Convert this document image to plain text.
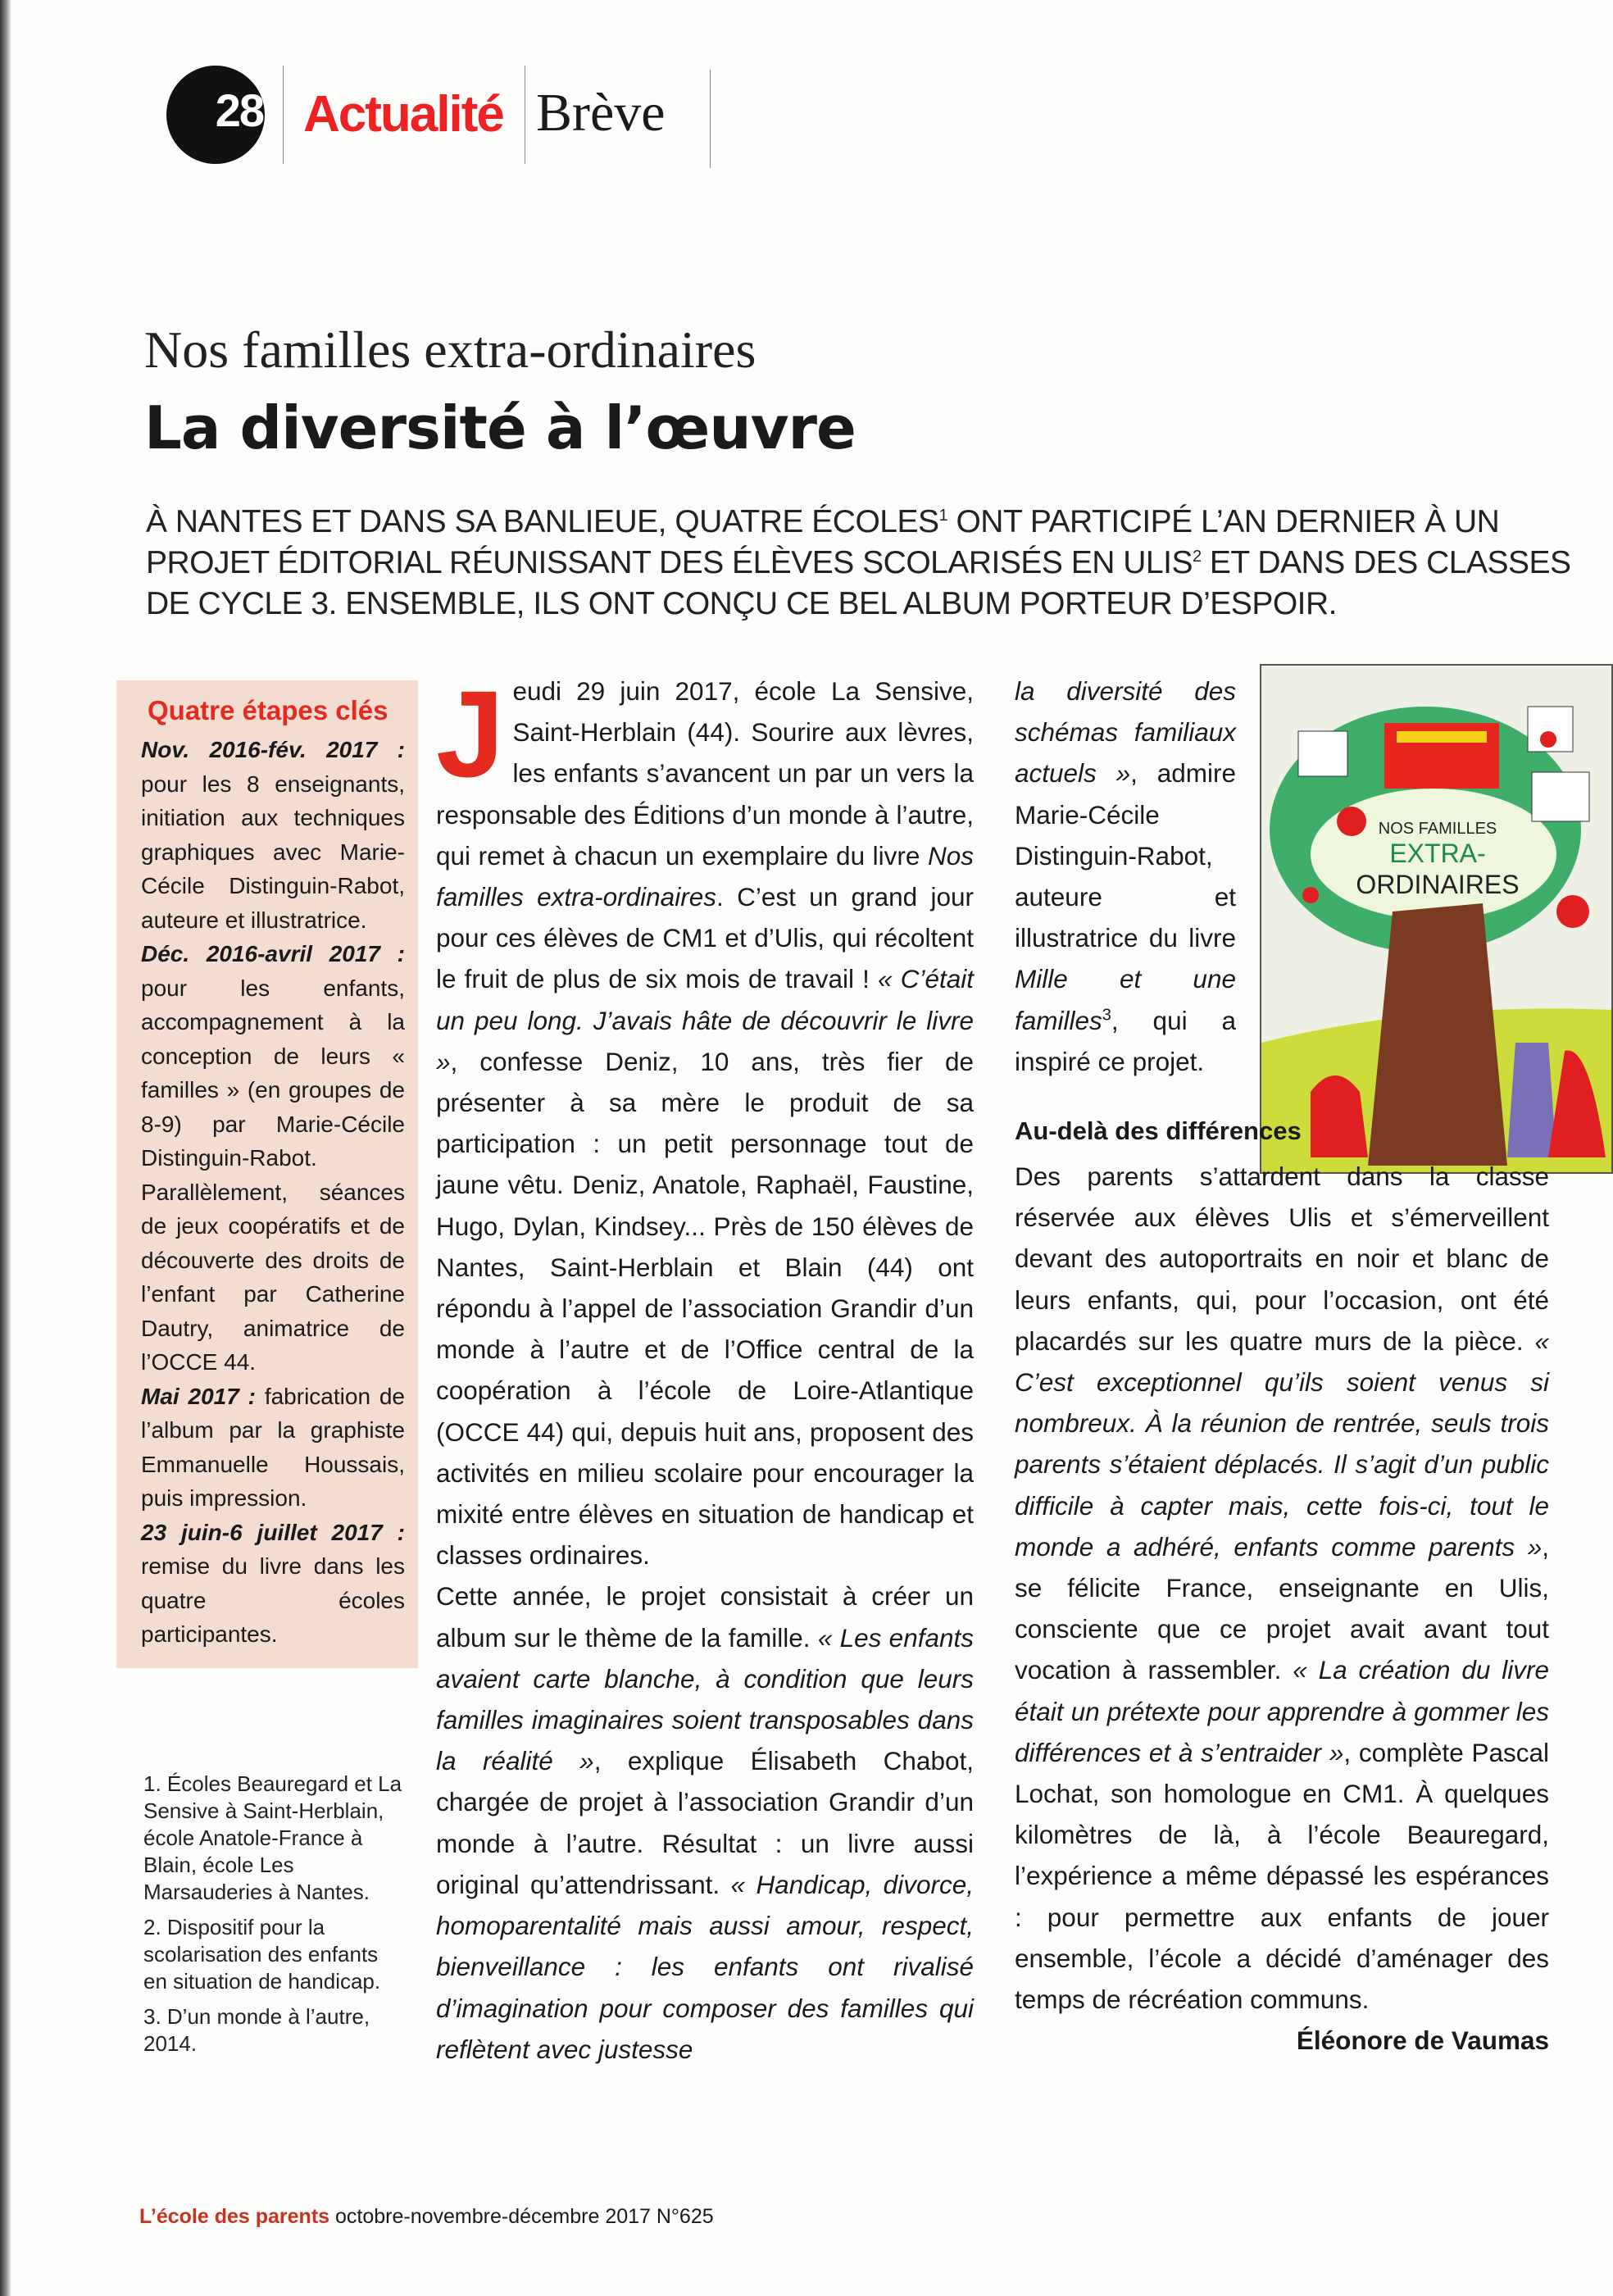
28 Actualité Brève
Nos familles extra-ordinaires
La diversité à l’œuvre
À NANTES ET DANS SA BANLIEUE, QUATRE ÉCOLES$^1$ ONT PARTICIPÉ L’AN DERNIER À UN PROJET ÉDITORIAL RÉUNISSANT DES ÉLÈVES SCOLARISÉS EN ULIS$^2$ ET DANS DES CLASSES DE CYCLE 3. ENSEMBLE, ILS ONT CONÇU CE BEL ALBUM PORTEUR D’ESPOIR.
Quatre étapes clés

Nov. 2016-fév. 2017 : pour les 8 enseignants, initiation aux techniques graphiques avec Marie-Cécile Distinguin-Rabot, auteure et illustratrice.
Déc. 2016-avril 2017 : pour les enfants, accompagnement à la conception de leurs « familles » (en groupes de 8-9) par Marie-Cécile Distinguin-Rabot. Parallèlement, séances de jeux coopératifs et de découverte des droits de l’enfant par Catherine Dautry, animatrice de l’OCCE 44.
Mai 2017 : fabrication de l’album par la graphiste Emmanuelle Houssais, puis impression.
23 juin-6 juillet 2017 : remise du livre dans les quatre écoles participantes.

1. Écoles Beauregard et La Sensive à Saint-Herblain, école Anatole-France à Blain, école Les Marsauderies à Nantes.

2. Dispositif pour la scolarisation des enfants en situation de handicap.

3. D’un monde à l’autre, 2014.

J eudi 29 juin 2017, école La Sensive, Saint-Herblain (44). Sourire aux lèvres, les enfants s’avancent un par un vers la responsable des Éditions d’un monde à l’autre, qui remet à chacun un exemplaire du livre Nos familles extra-ordinaires. C’est un grand jour pour ces élèves de CM1 et d’Ulis, qui récoltent le fruit de plus de six mois de travail ! « C’était un peu long. J’avais hâte de découvrir le livre », confesse Deniz, 10 ans, très fier de présenter à sa mère le produit de sa participation : un petit personnage tout de jaune vêtu. Deniz, Anatole, Raphaël, Faustine, Hugo, Dylan, Kindsey... Près de 150 élèves de Nantes, Saint-Herblain et Blain (44) ont répondu à l’appel de l’association Grandir d’un monde à l’autre et de l’Office central de la coopération à l’école de Loire-Atlantique (OCCE 44) qui, depuis huit ans, proposent des activités en milieu scolaire pour encourager la mixité entre élèves en situation de handicap et classes ordinaires.

Cette année, le projet consistait à créer un album sur le thème de la famille. « Les enfants avaient carte blanche, à condition que leurs familles imaginaires soient transposables dans la réalité », explique Élisabeth Chabot, chargée de projet à l’association Grandir d’un monde à l’autre. Résultat : un livre aussi original qu’attendrissant. « Handicap, divorce, homoparentalité mais aussi amour, respect, bienveillance : les enfants ont rivalisé d’imagination pour composer des familles qui reflètent avec justesse

NOS FAMILLES
EXTRA-
ORDINAIRES

la diversité des schémas familiaux actuels », admire Marie-Cécile Distinguin-Rabot, auteure et illustratrice du livre Mille et une familles$^3$, qui a inspiré ce projet.

Au-delà des différences

Des parents s’attardent dans la classe réservée aux élèves Ulis et s’émerveillent devant des autoportraits en noir et blanc de leurs enfants, qui, pour l’occasion, ont été placardés sur les quatre murs de la pièce. « C’est exceptionnel qu’ils soient venus si nombreux. À la réunion de rentrée, seuls trois parents s’étaient déplacés. Il s’agit d’un public difficile à capter mais, cette fois-ci, tout le monde a adhéré, enfants comme parents », se félicite France, enseignante en Ulis, consciente que ce projet avait avant tout vocation à rassembler. « La création du livre était un prétexte pour apprendre à gommer les différences et à s’entraider », complète Pascal Lochat, son homologue en CM1. À quelques kilomètres de là, à l’école Beauregard, l’expérience a même dépassé les espérances : pour permettre aux enfants de jouer ensemble, l’école a décidé d’aménager des temps de récréation communs.

Éléonore de Vaumas
L’école des parents octobre-novembre-décembre 2017 N°625
